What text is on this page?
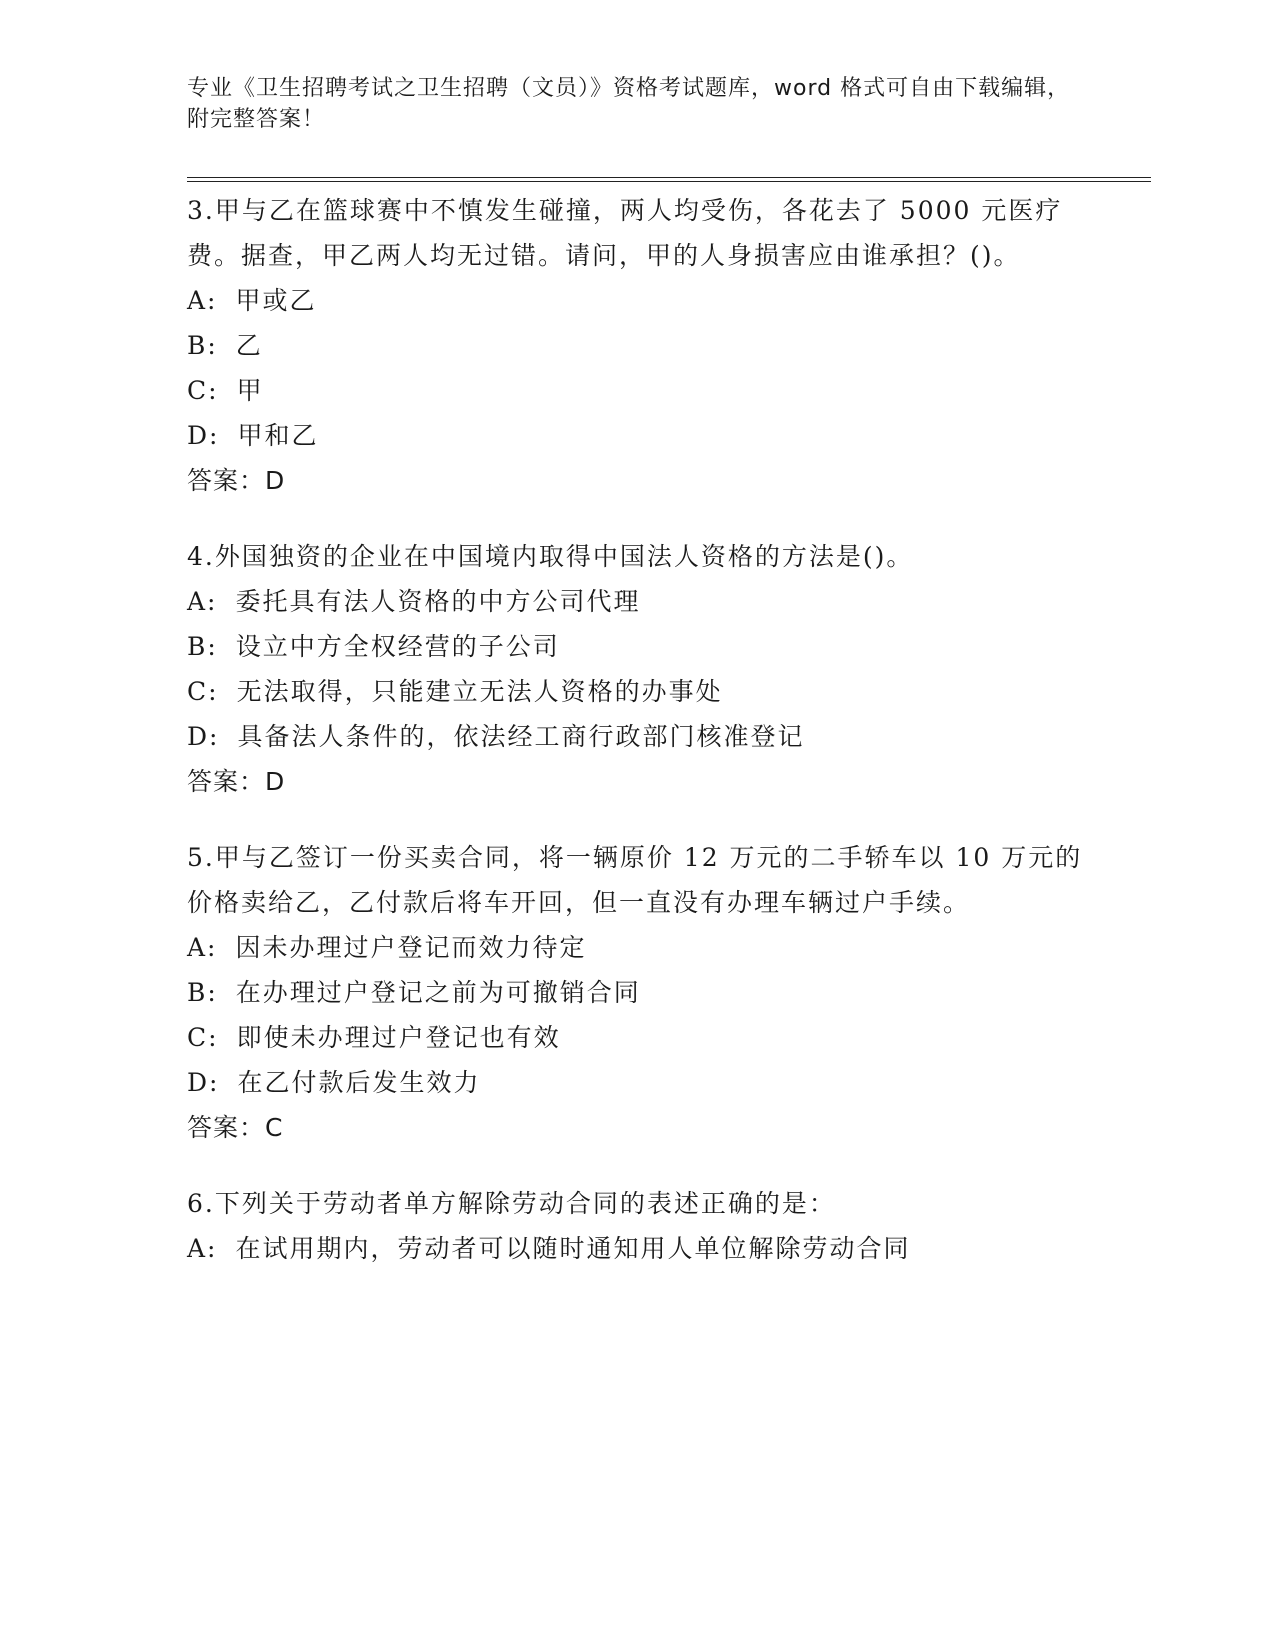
专业《卫生招聘考试之卫生招聘（文员）》资格考试题库，word 格式可自由下载编辑，附完整答案！

3.甲与乙在篮球赛中不慎发生碰撞，两人均受伤，各花去了 5000 元医疗费。据查，甲乙两人均无过错。请问，甲的人身损害应由谁承担？()。

A: 甲或乙

B: 乙

C: 甲

D: 甲和乙

答案：D

4.外国独资的企业在中国境内取得中国法人资格的方法是()。

A: 委托具有法人资格的中方公司代理

B: 设立中方全权经营的子公司

C: 无法取得，只能建立无法人资格的办事处

D: 具备法人条件的，依法经工商行政部门核准登记

答案：D

5.甲与乙签订一份买卖合同，将一辆原价 12 万元的二手轿车以 10 万元的价格卖给乙，乙付款后将车开回，但一直没有办理车辆过户手续。

A: 因未办理过户登记而效力待定

B: 在办理过户登记之前为可撤销合同

C: 即使未办理过户登记也有效

D: 在乙付款后发生效力

答案：C

6.下列关于劳动者单方解除劳动合同的表述正确的是：

A: 在试用期内，劳动者可以随时通知用人单位解除劳动合同
